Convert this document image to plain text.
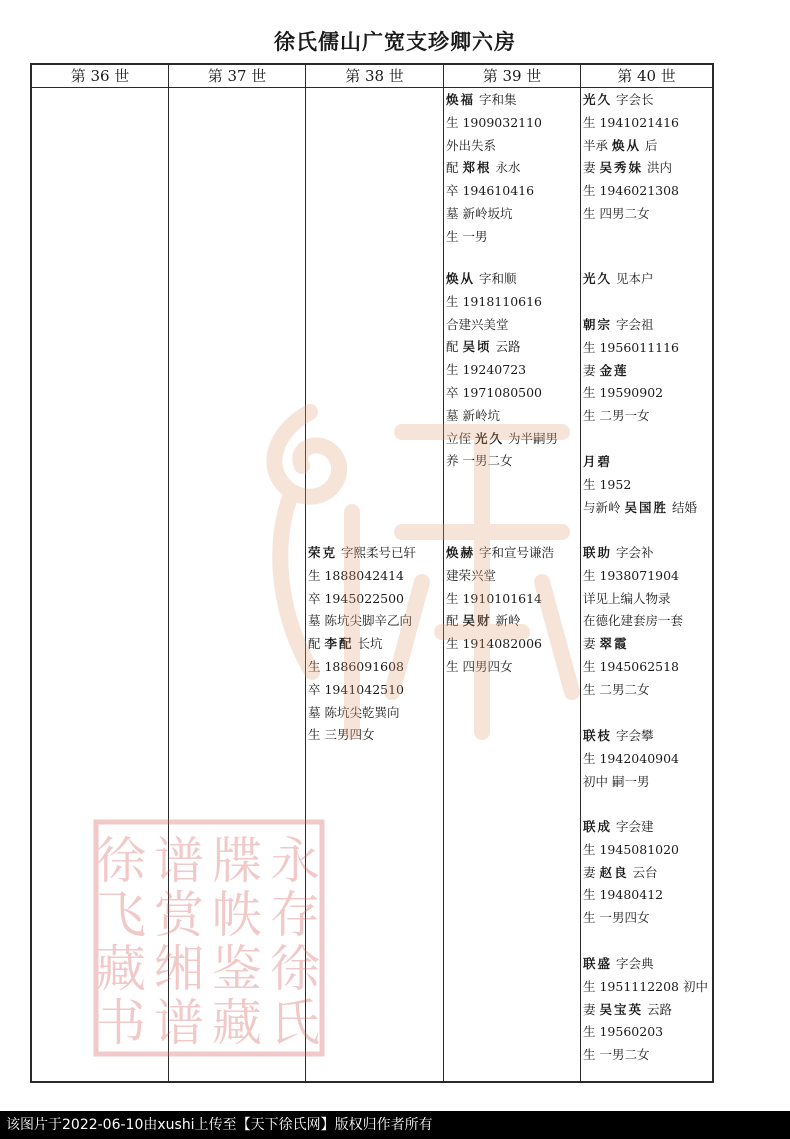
徐氏儒山广宽支珍卿六房
第 36 世	第 37 世	第 38 世
荣克 字熙柔号已轩
生 1888042414
卒 1945022500
墓 陈坑尖脚辛乙向
配 李配 长坑
生 1886091608
卒 1941042510
墓 陈坑尖乾巽向
生 三男四女
第 39 世
焕福 字和集
生 1909032110
外出失系
配 郑根 永水
卒 194610416
墓 新岭坂坑
生 一男
焕从 字和顺
生 1918110616
合建兴美堂
配 吴顷 云路
生 19240723
卒 1971080500
墓 新岭坑
立侄 光久 为半嗣男
养 一男二女
焕赫 字和宣号谦浩
建荣兴堂
生 1910101614
配 吴财 新岭
生 1914082006
生 四男四女
第 40 世
光久 字会长
生 1941021416
半承 焕从 后
妻 吴秀妹 洪内
生 1946021308
生 四男二女
光久 见本户
朝宗 字会祖
生 1956011116
妻 金莲
生 19590902
生 二男一女
月碧
生 1952
与新岭 吴国胜 结婚
联助 字会补
生 1938071904
详见上编人物录
在德化建套房一套
妻 翠霞
生 1945062518
生 二男二女
联枝 字会攀
生 1942040904
初中 嗣一男
联成 字会建
生 1945081020
妻 赵良 云台
生 19480412
生 一男四女
联盛 字会典
生 1951112208 初中
妻 吴宝英 云路
生 19560203
生 一男二女
徐
飞
藏
书
谱
赏
缃
谱
牒
帙
鉴
藏
永
存
徐
氏
该图片于2022-06-10由xushi上传至【天下徐氏网】版权归作者所有
